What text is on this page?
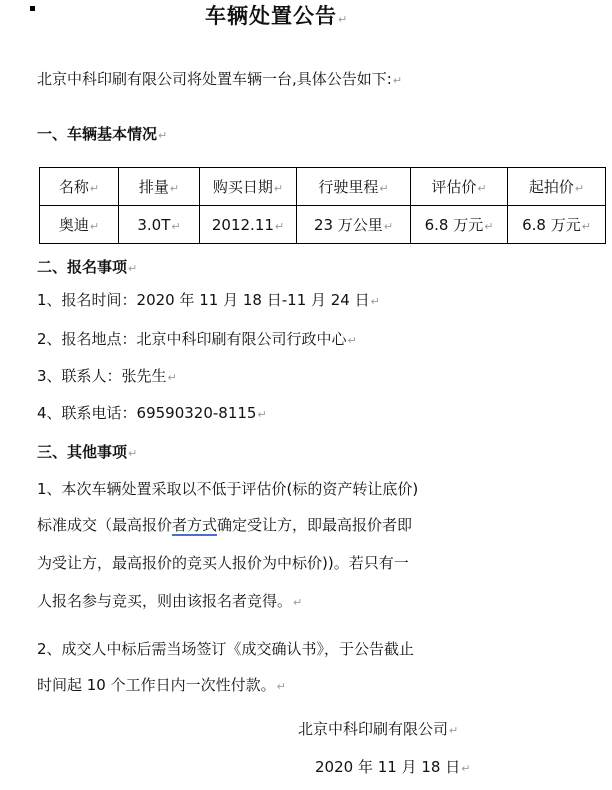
车辆处置公告↵
北京中科印刷有限公司将处置车辆一台,具体公告如下:↵
一、车辆基本情况↵
名称↵	排量↵	购买日期↵	行驶里程↵	评估价↵	起拍价↵
奥迪↵	3.0T↵	2012.11↵	23 万公里↵	6.8 万元↵	6.8 万元↵
二、报名事项↵
1、报名时间：2020 年 11 月 18 日-11 月 24 日↵
2、报名地点：北京中科印刷有限公司行政中心↵
3、联系人：张先生↵
4、联系电话：69590320-8115↵
三、其他事项↵
1、本次车辆处置采取以不低于评估价(标的资产转让底价)
标准成交（最高报价者方式确定受让方，即最高报价者即
为受让方，最高报价的竞买人报价为中标价))。若只有一
人报名参与竞买，则由该报名者竞得。↵
2、成交人中标后需当场签订《成交确认书》，于公告截止
时间起 10 个工作日内一次性付款。↵
北京中科印刷有限公司↵
2020 年 11 月 18 日↵
